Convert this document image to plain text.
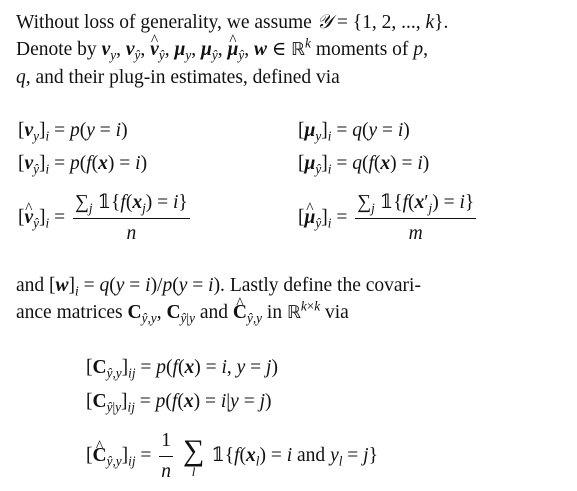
Without loss of generality, we assume 𝒴 = {1, 2, ..., k}.
Denote by $\nu_y$, $\nu_ŷ$, ^ $\nu_ŷ$, $\mu_y$, $\mu_ŷ$, ^ $\mu_ŷ$, w ∈ ℝ$^k$ moments of p,
q, and their plug-in estimates, defined via
$[\nu_y]_i = p(y = i)$	$[\mu_y]_i = q(y = i)$
$[\nu_ŷ]_i = p(f(x) = i)$	$[\mu_ŷ]_i = q(f(x) = i)$
[^ $\nu_ŷ]_i = \frac{\sum_j 𝟙\{f(x_j) = i\}}{n}$	[^ $\mu_ŷ]_i = \frac{\sum_j 𝟙\{f(x'_j) = i\}}{m}$
and $[w]_i = q(y = i)/p(y = i)$. Lastly define the covari-
ance matrices $C_{ŷ,y}$, $C_{ŷ|y}$ and ^ $C_{ŷ,y}$ in ℝ$^{k\times k}$ via
$[C_{ŷ,y}]_{ij} = p(f(x) = i$, y = j)
$[C_{ŷ|y}]_{ij} = p(f(x) = i|y = j)$
[^ $C_{ŷ,y}]_{ij} = \frac{1}{n}$
∑
l
$𝟙\{f(x_l) = i$ and $y_l = j$}
